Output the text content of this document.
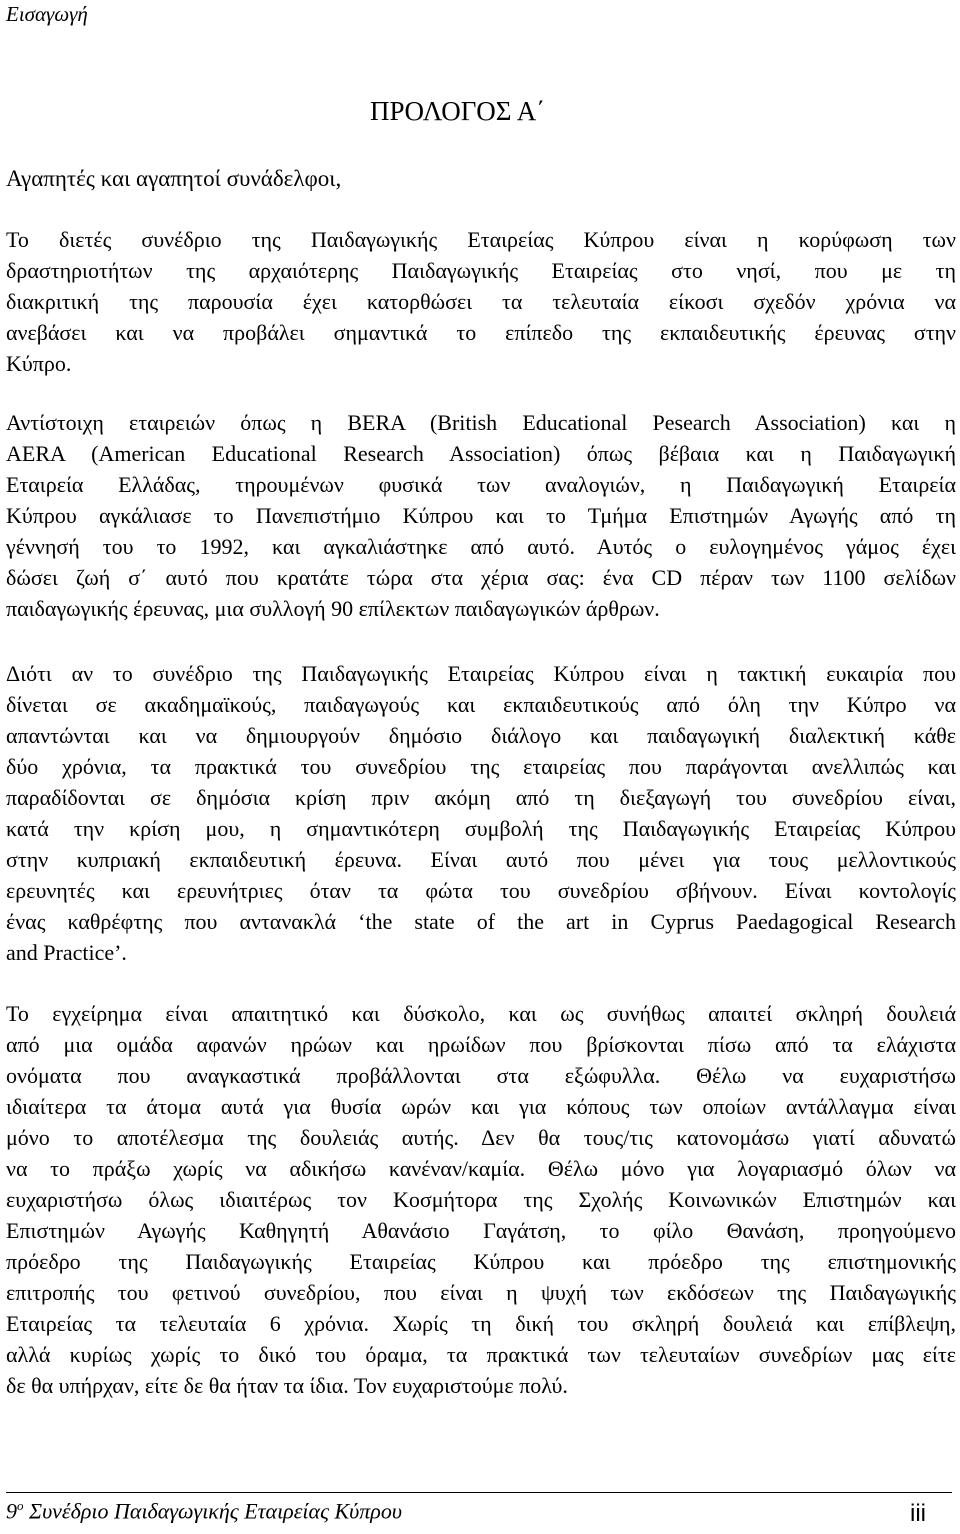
Εισαγωγή
ΠΡΟΛΟΓΟΣ Α΄
Αγαπητές και αγαπητοί συνάδελφοι,
Το διετές συνέδριο της Παιδαγωγικής Εταιρείας Κύπρου είναι η κορύφωση των
δραστηριοτήτων της αρχαιότερης Παιδαγωγικής Εταιρείας στο νησί, που με τη
διακριτική της παρουσία έχει κατορθώσει τα τελευταία είκοσι σχεδόν χρόνια να
ανεβάσει και να προβάλει σημαντικά το επίπεδο της εκπαιδευτικής έρευνας στην
Κύπρο.
Αντίστοιχη εταιρειών όπως η BERA (British Educational Pesearch Association) και η
AERA (American Educational Research Association) όπως βέβαια και η Παιδαγωγική
Εταιρεία Ελλάδας, τηρουμένων φυσικά των αναλογιών, η Παιδαγωγική Εταιρεία
Κύπρου αγκάλιασε το Πανεπιστήμιο Κύπρου και το Τμήμα Επιστημών Αγωγής από τη
γέννησή του το 1992, και αγκαλιάστηκε από αυτό. Αυτός ο ευλογημένος γάμος έχει
δώσει ζωή σ΄ αυτό που κρατάτε τώρα στα χέρια σας: ένα CD πέραν των 1100 σελίδων
παιδαγωγικής έρευνας, μια συλλογή 90 επίλεκτων παιδαγωγικών άρθρων.
Διότι αν το συνέδριο της Παιδαγωγικής Εταιρείας Κύπρου είναι η τακτική ευκαιρία που
δίνεται σε ακαδημαϊκούς, παιδαγωγούς και εκπαιδευτικούς από όλη την Κύπρο να
απαντώνται και να δημιουργούν δημόσιο διάλογο και παιδαγωγική διαλεκτική κάθε
δύο χρόνια, τα πρακτικά του συνεδρίου της εταιρείας που παράγονται ανελλιπώς και
παραδίδονται σε δημόσια κρίση πριν ακόμη από τη διεξαγωγή του συνεδρίου είναι,
κατά την κρίση μου, η σημαντικότερη συμβολή της Παιδαγωγικής Εταιρείας Κύπρου
στην κυπριακή εκπαιδευτική έρευνα. Είναι αυτό που μένει για τους μελλοντικούς
ερευνητές και ερευνήτριες όταν τα φώτα του συνεδρίου σβήνουν. Είναι κοντολογίς
ένας καθρέφτης που αντανακλά ‘the state of the art in Cyprus Paedagogical Research
and Practice’.
Το εγχείρημα είναι απαιτητικό και δύσκολο, και ως συνήθως απαιτεί σκληρή δουλειά
από μια ομάδα αφανών ηρώων και ηρωίδων που βρίσκονται πίσω από τα ελάχιστα
ονόματα που αναγκαστικά προβάλλονται στα εξώφυλλα. Θέλω να ευχαριστήσω
ιδιαίτερα τα άτομα αυτά για θυσία ωρών και για κόπους των οποίων αντάλλαγμα είναι
μόνο το αποτέλεσμα της δουλειάς αυτής. Δεν θα τους/τις κατονομάσω γιατί αδυνατώ
να το πράξω χωρίς να αδικήσω κανέναν/καμία. Θέλω μόνο για λογαριασμό όλων να
ευχαριστήσω όλως ιδιαιτέρως τον Κοσμήτορα της Σχολής Κοινωνικών Επιστημών και
Επιστημών Αγωγής Καθηγητή Αθανάσιο Γαγάτση, το φίλο Θανάση, προηγούμενο
πρόεδρο της Παιδαγωγικής Εταιρείας Κύπρου και πρόεδρο της επιστημονικής
επιτροπής του φετινού συνεδρίου, που είναι η ψυχή των εκδόσεων της Παιδαγωγικής
Εταιρείας τα τελευταία 6 χρόνια. Χωρίς τη δική του σκληρή δουλειά και επίβλεψη,
αλλά κυρίως χωρίς το δικό του όραμα, τα πρακτικά των τελευταίων συνεδρίων μας είτε
δε θα υπήρχαν, είτε δε θα ήταν τα ίδια. Τον ευχαριστούμε πολύ.
$9^o$ Συνέδριο Παιδαγωγικής Εταιρείας Κύπρου	iii
